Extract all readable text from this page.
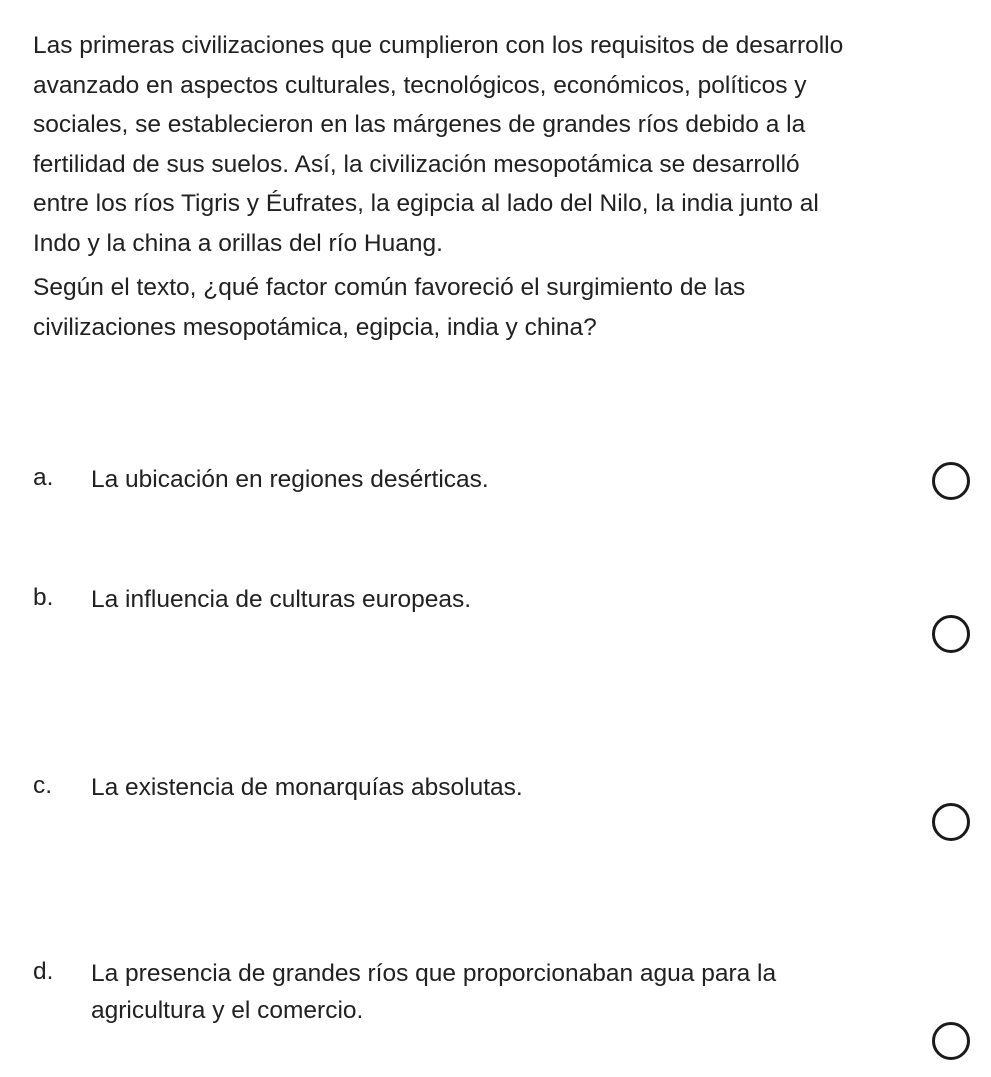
Las primeras civilizaciones que cumplieron con los requisitos de desarrollo
avanzado en aspectos culturales, tecnológicos, económicos, políticos y
sociales, se establecieron en las márgenes de grandes ríos debido a la
fertilidad de sus suelos. Así, la civilización mesopotámica se desarrolló
entre los ríos Tigris y Éufrates, la egipcia al lado del Nilo, la india junto al
Indo y la china a orillas del río Huang.
Según el texto, ¿qué factor común favoreció el surgimiento de las
civilizaciones mesopotámica, egipcia, india y china?
a. La ubicación en regiones desérticas.
b. La influencia de culturas europeas.
c. La existencia de monarquías absolutas.
d. La presencia de grandes ríos que proporcionaban agua para la
agricultura y el comercio.
